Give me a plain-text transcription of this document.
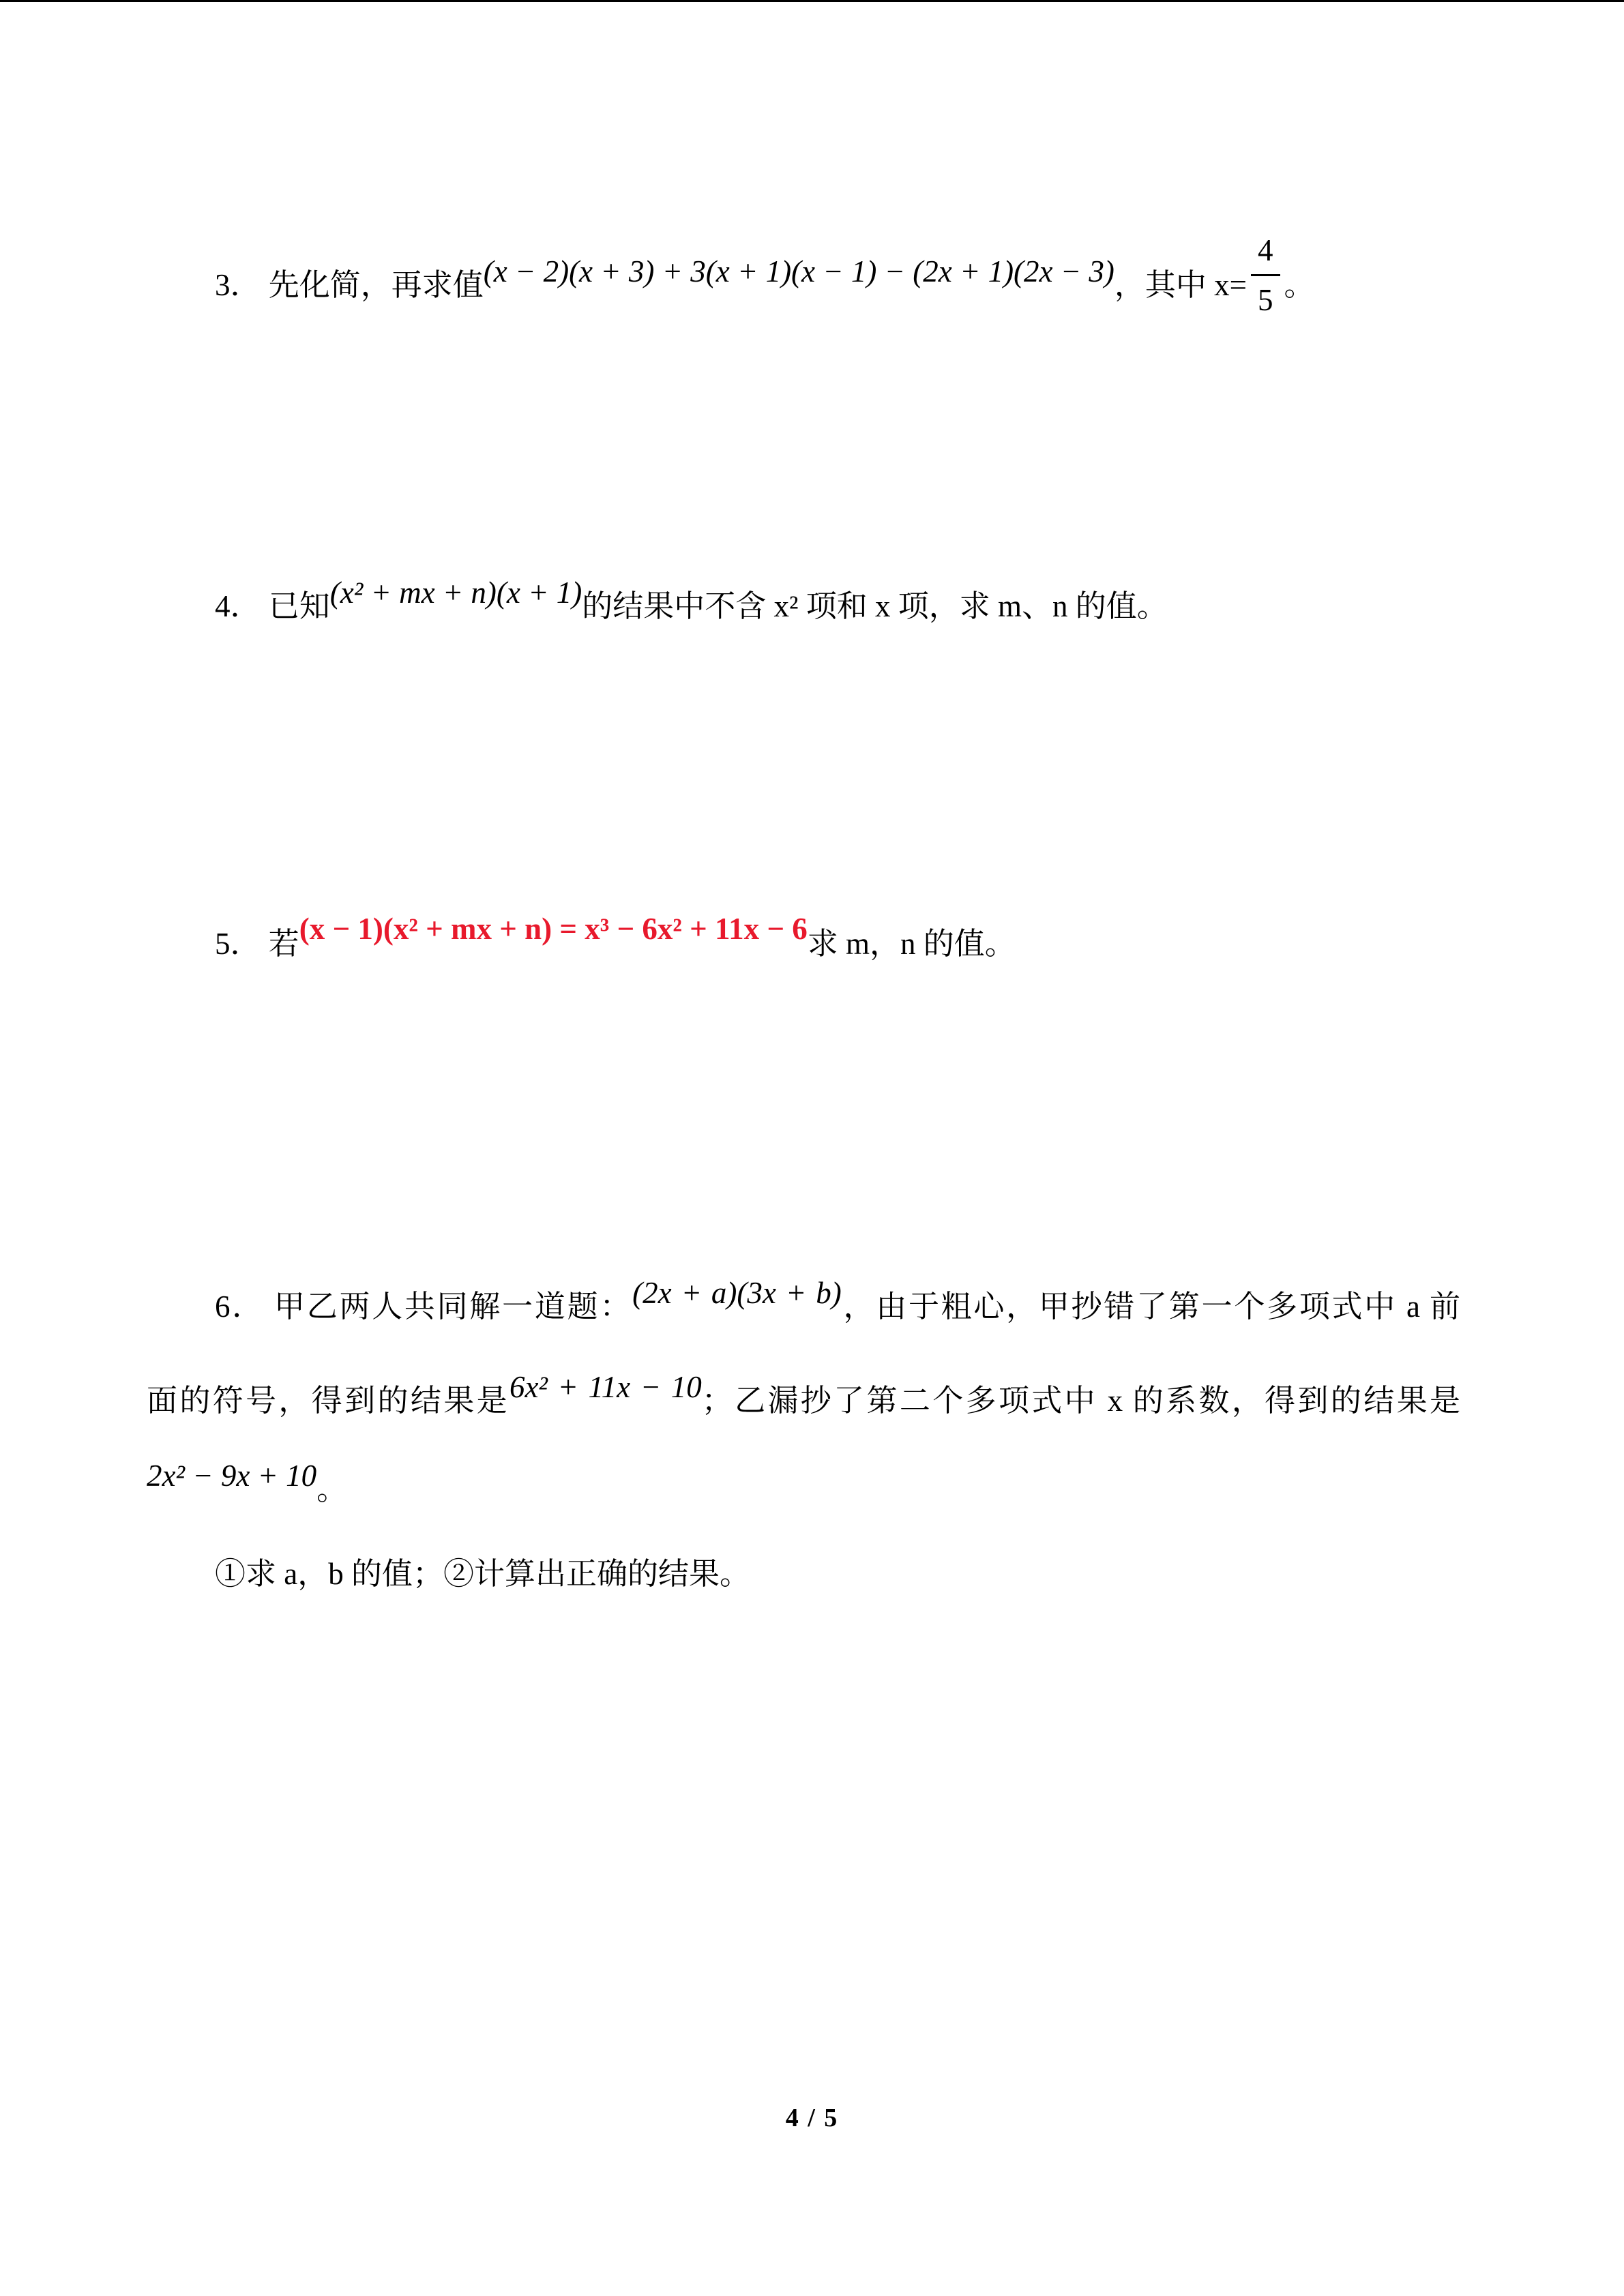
3． 先化简，再求值(x − 2)(x + 3) + 3(x + 1)(x − 1) − (2x + 1)(2x − 3)，其中 $x= \frac{4}{5}$ 。
4． 已知(x² + mx + n)(x + 1)的结果中不含 x² 项和 x 项，求 m、n 的值。
5． 若(x − 1)(x² + mx + n) = x³ − 6x² + 11x − 6求 m，n 的值。
6． 甲乙两人共同解一道题：(2x + a)(3x + b)，由于粗心，甲抄错了第一个多项式中 a 前
面的符号，得到的结果是6x² + 11x − 10；乙漏抄了第二个多项式中 x 的系数，得到的结果是
2x² − 9x + 10。
①求 a，b 的值；②计算出正确的结果。
4 / 5
